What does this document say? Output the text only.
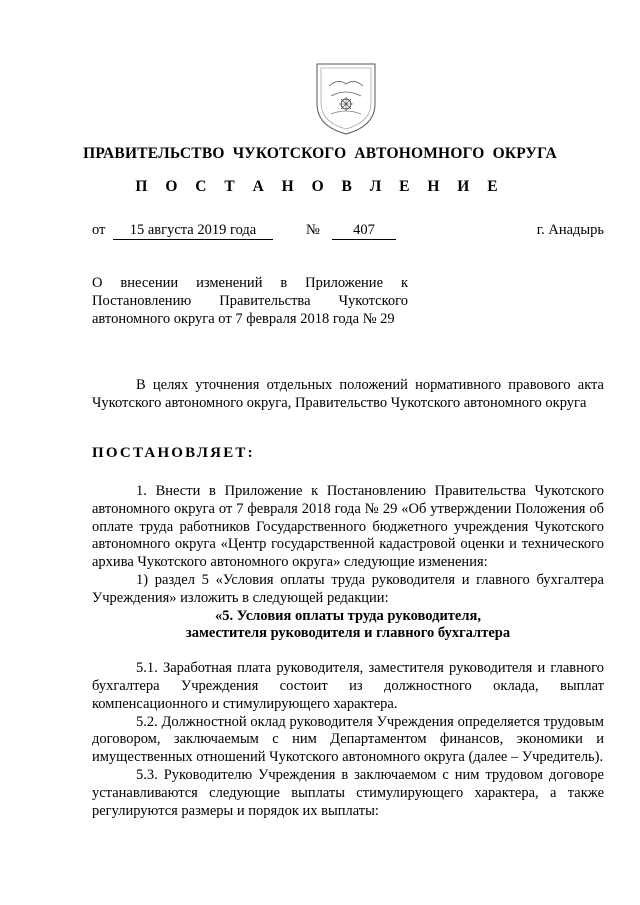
ПРАВИТЕЛЬСТВО ЧУКОТСКОГО АВТОНОМНОГО ОКРУГА
П О С Т А Н О В Л Е Н И Е
от	15 августа 2019 года	№	407	г. Анадырь

О внесении изменений в Приложение к Постановлению Правительства Чукотского автономного округа от 7 февраля 2018 года № 29

В целях уточнения отдельных положений нормативного правового акта Чукотского автономного округа, Правительство Чукотского автономного округа

ПОСТАНОВЛЯЕТ:

1. Внести в Приложение к Постановлению Правительства Чукотского автономного округа от 7 февраля 2018 года № 29 «Об утверждении Положения об оплате труда работников Государственного бюджетного учреждения Чукотского автономного округа «Центр государственной кадастровой оценки и технического архива Чукотского автономного округа» следующие изменения:

1) раздел 5 «Условия оплаты труда руководителя и главного бухгалтера Учреждения» изложить в следующей редакции:

«5. Условия оплаты труда руководителя,

заместителя руководителя и главного бухгалтера

5.1. Заработная плата руководителя, заместителя руководителя и главного бухгалтера Учреждения состоит из должностного оклада, выплат компенсационного и стимулирующего характера.

5.2. Должностной оклад руководителя Учреждения определяется трудовым договором, заключаемым с ним Департаментом финансов, экономики и имущественных отношений Чукотского автономного округа (далее – Учредитель).

5.3. Руководителю Учреждения в заключаемом с ним трудовом договоре устанавливаются следующие выплаты стимулирующего характера, а также регулируются размеры и порядок их выплаты:
